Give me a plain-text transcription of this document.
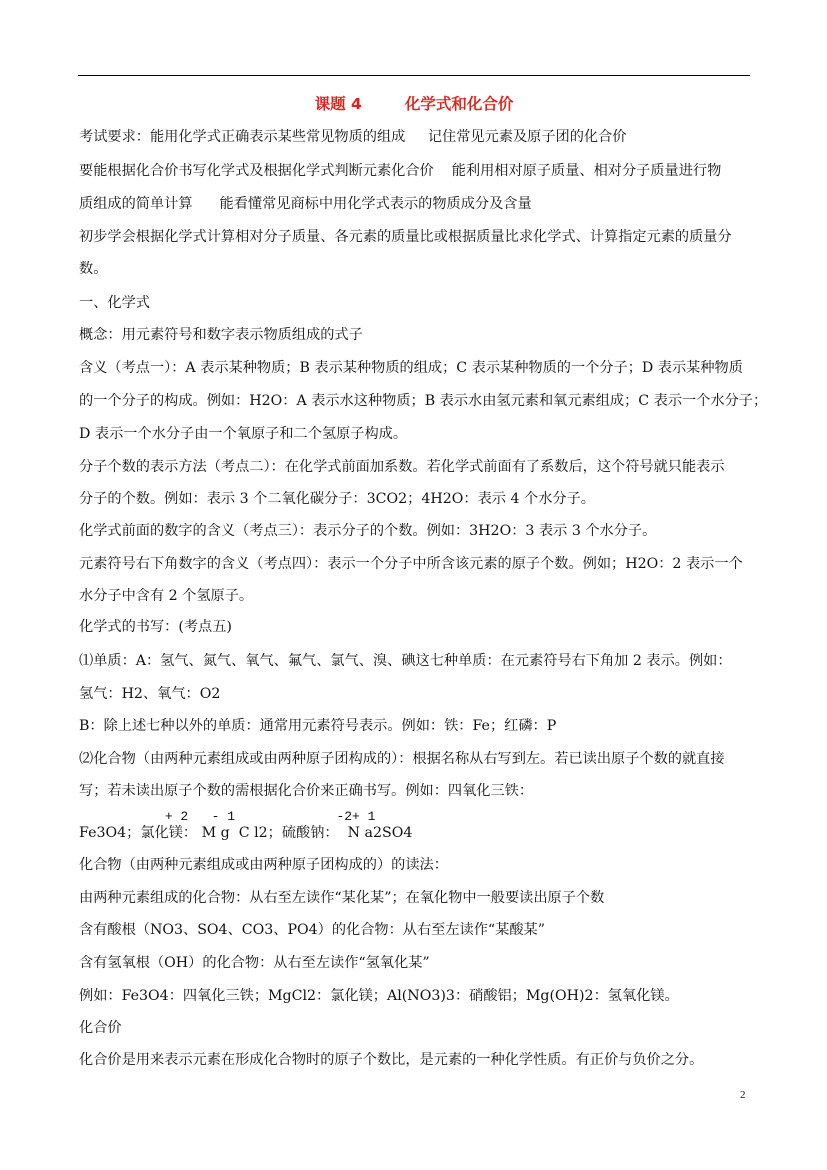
课题 4        化学式和化合价
考试要求：能用化学式正确表示某些常见物质的组成     记住常见元素及原子团的化合价
要能根据化合价书写化学式及根据化学式判断元素化合价    能利用相对原子质量、相对分子质量进行物
质组成的简单计算      能看懂常见商标中用化学式表示的物质成分及含量
初步学会根据化学式计算相对分子质量、各元素的质量比或根据质量比求化学式、计算指定元素的质量分
数。
一、化学式
概念：用元素符号和数字表示物质组成的式子
含义（考点一）：A 表示某种物质；B 表示某种物质的组成；C 表示某种物质的一个分子；D 表示某种物质
的一个分子的构成。例如：H2O：A 表示水这种物质；B 表示水由氢元素和氧元素组成；C 表示一个水分子；
D 表示一个水分子由一个氧原子和二个氢原子构成。
分子个数的表示方法（考点二）：在化学式前面加系数。若化学式前面有了系数后，这个符号就只能表示
分子的个数。例如：表示 3 个二氧化碳分子：3CO2；4H2O：表示 4 个水分子。
化学式前面的数字的含义（考点三）：表示分子的个数。例如：3H2O：3 表示 3 个水分子。
元素符号右下角数字的含义（考点四）：表示一个分子中所含该元素的原子个数。例如；H2O：2 表示一个
水分子中含有 2 个氢原子。
化学式的书写：(考点五)
⑴单质：A：氢气、氮气、氧气、氟气、氯气、溴、碘这七种单质：在元素符号右下角加 2 表示。例如：
氢气：H2、氧气：O2
B：除上述七种以外的单质：通常用元素符号表示。例如：铁：Fe；红磷：P
⑵化合物（由两种元素组成或由两种原子团构成的）：根据名称从右写到左。若已读出原子个数的就直接
写；若未读出原子个数的需根据化合价来正确书写。例如：四氧化三铁：
+ 2   - 1             -2+ 1
Fe3O4；氯化镁： M g  C l2；硫酸钠：  N a2SO4
化合物（由两种元素组成或由两种原子团构成的）的读法：
由两种元素组成的化合物：从右至左读作“某化某”；在氧化物中一般要读出原子个数
含有酸根（NO3、SO4、CO3、PO4）的化合物：从右至左读作“某酸某”
含有氢氧根（OH）的化合物：从右至左读作“氢氧化某”
例如：Fe3O4：四氧化三铁；MgCl2：氯化镁；Al(NO3)3：硝酸铝；Mg(OH)2：氢氧化镁。
化合价
化合价是用来表示元素在形成化合物时的原子个数比，是元素的一种化学性质。有正价与负价之分。
2
